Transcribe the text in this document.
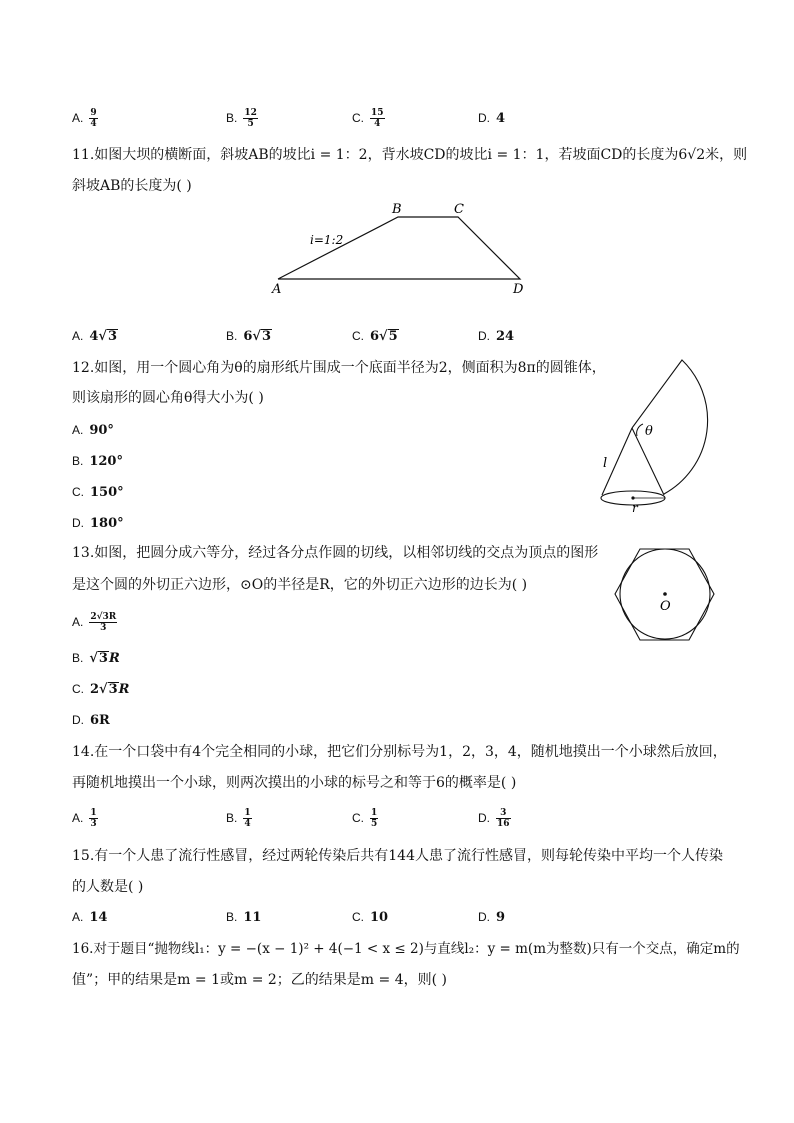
A. $\frac{9}{4}$	B. $\frac{12}{5}$	C. $\frac{15}{4}$	D. 4
11.如图大坝的横断面，斜坡AB的坡比i = 1：2，背水坡CD的坡比i = 1：1，若坡面CD的长度为6√2米，则
斜坡AB的长度为( )
B	C
A	D
i=1:2
A. 4√3	B. 6√3	C. 6√5	D. 24
12.如图，用一个圆心角为θ的扇形纸片围成一个底面半径为2，侧面积为8π的圆锥体，
则该扇形的圆心角θ得大小为( )
A. 90°
B. 120°
C. 150°
D. 180°
θ
l
r
13.如图，把圆分成六等分，经过各分点作圆的切线，以相邻切线的交点为顶点的图形
是这个圆的外切正六边形，⊙O的半径是R，它的外切正六边形的边长为( )
O
A. $\frac{2√3R}{3}$
B. √3R
C. 2√3R
D. 6R
14.在一个口袋中有4个完全相同的小球，把它们分别标号为1，2，3，4，随机地摸出一个小球然后放回，
再随机地摸出一个小球，则两次摸出的小球的标号之和等于6的概率是( )
A. $\frac{1}{3}$	B. $\frac{1}{4}$	C. $\frac{1}{5}$	D. $\frac{3}{16}$
15.有一个人患了流行性感冒，经过两轮传染后共有144人患了流行性感冒，则每轮传染中平均一个人传染
的人数是( )
A. 14	B. 11	C. 10	D. 9
16.对于题目“抛物线l₁：y = −(x − 1)² + 4(−1 < x ≤ 2)与直线l₂：y = m(m为整数)只有一个交点，确定m的
值”；甲的结果是m = 1或m = 2；乙的结果是m = 4，则( )
